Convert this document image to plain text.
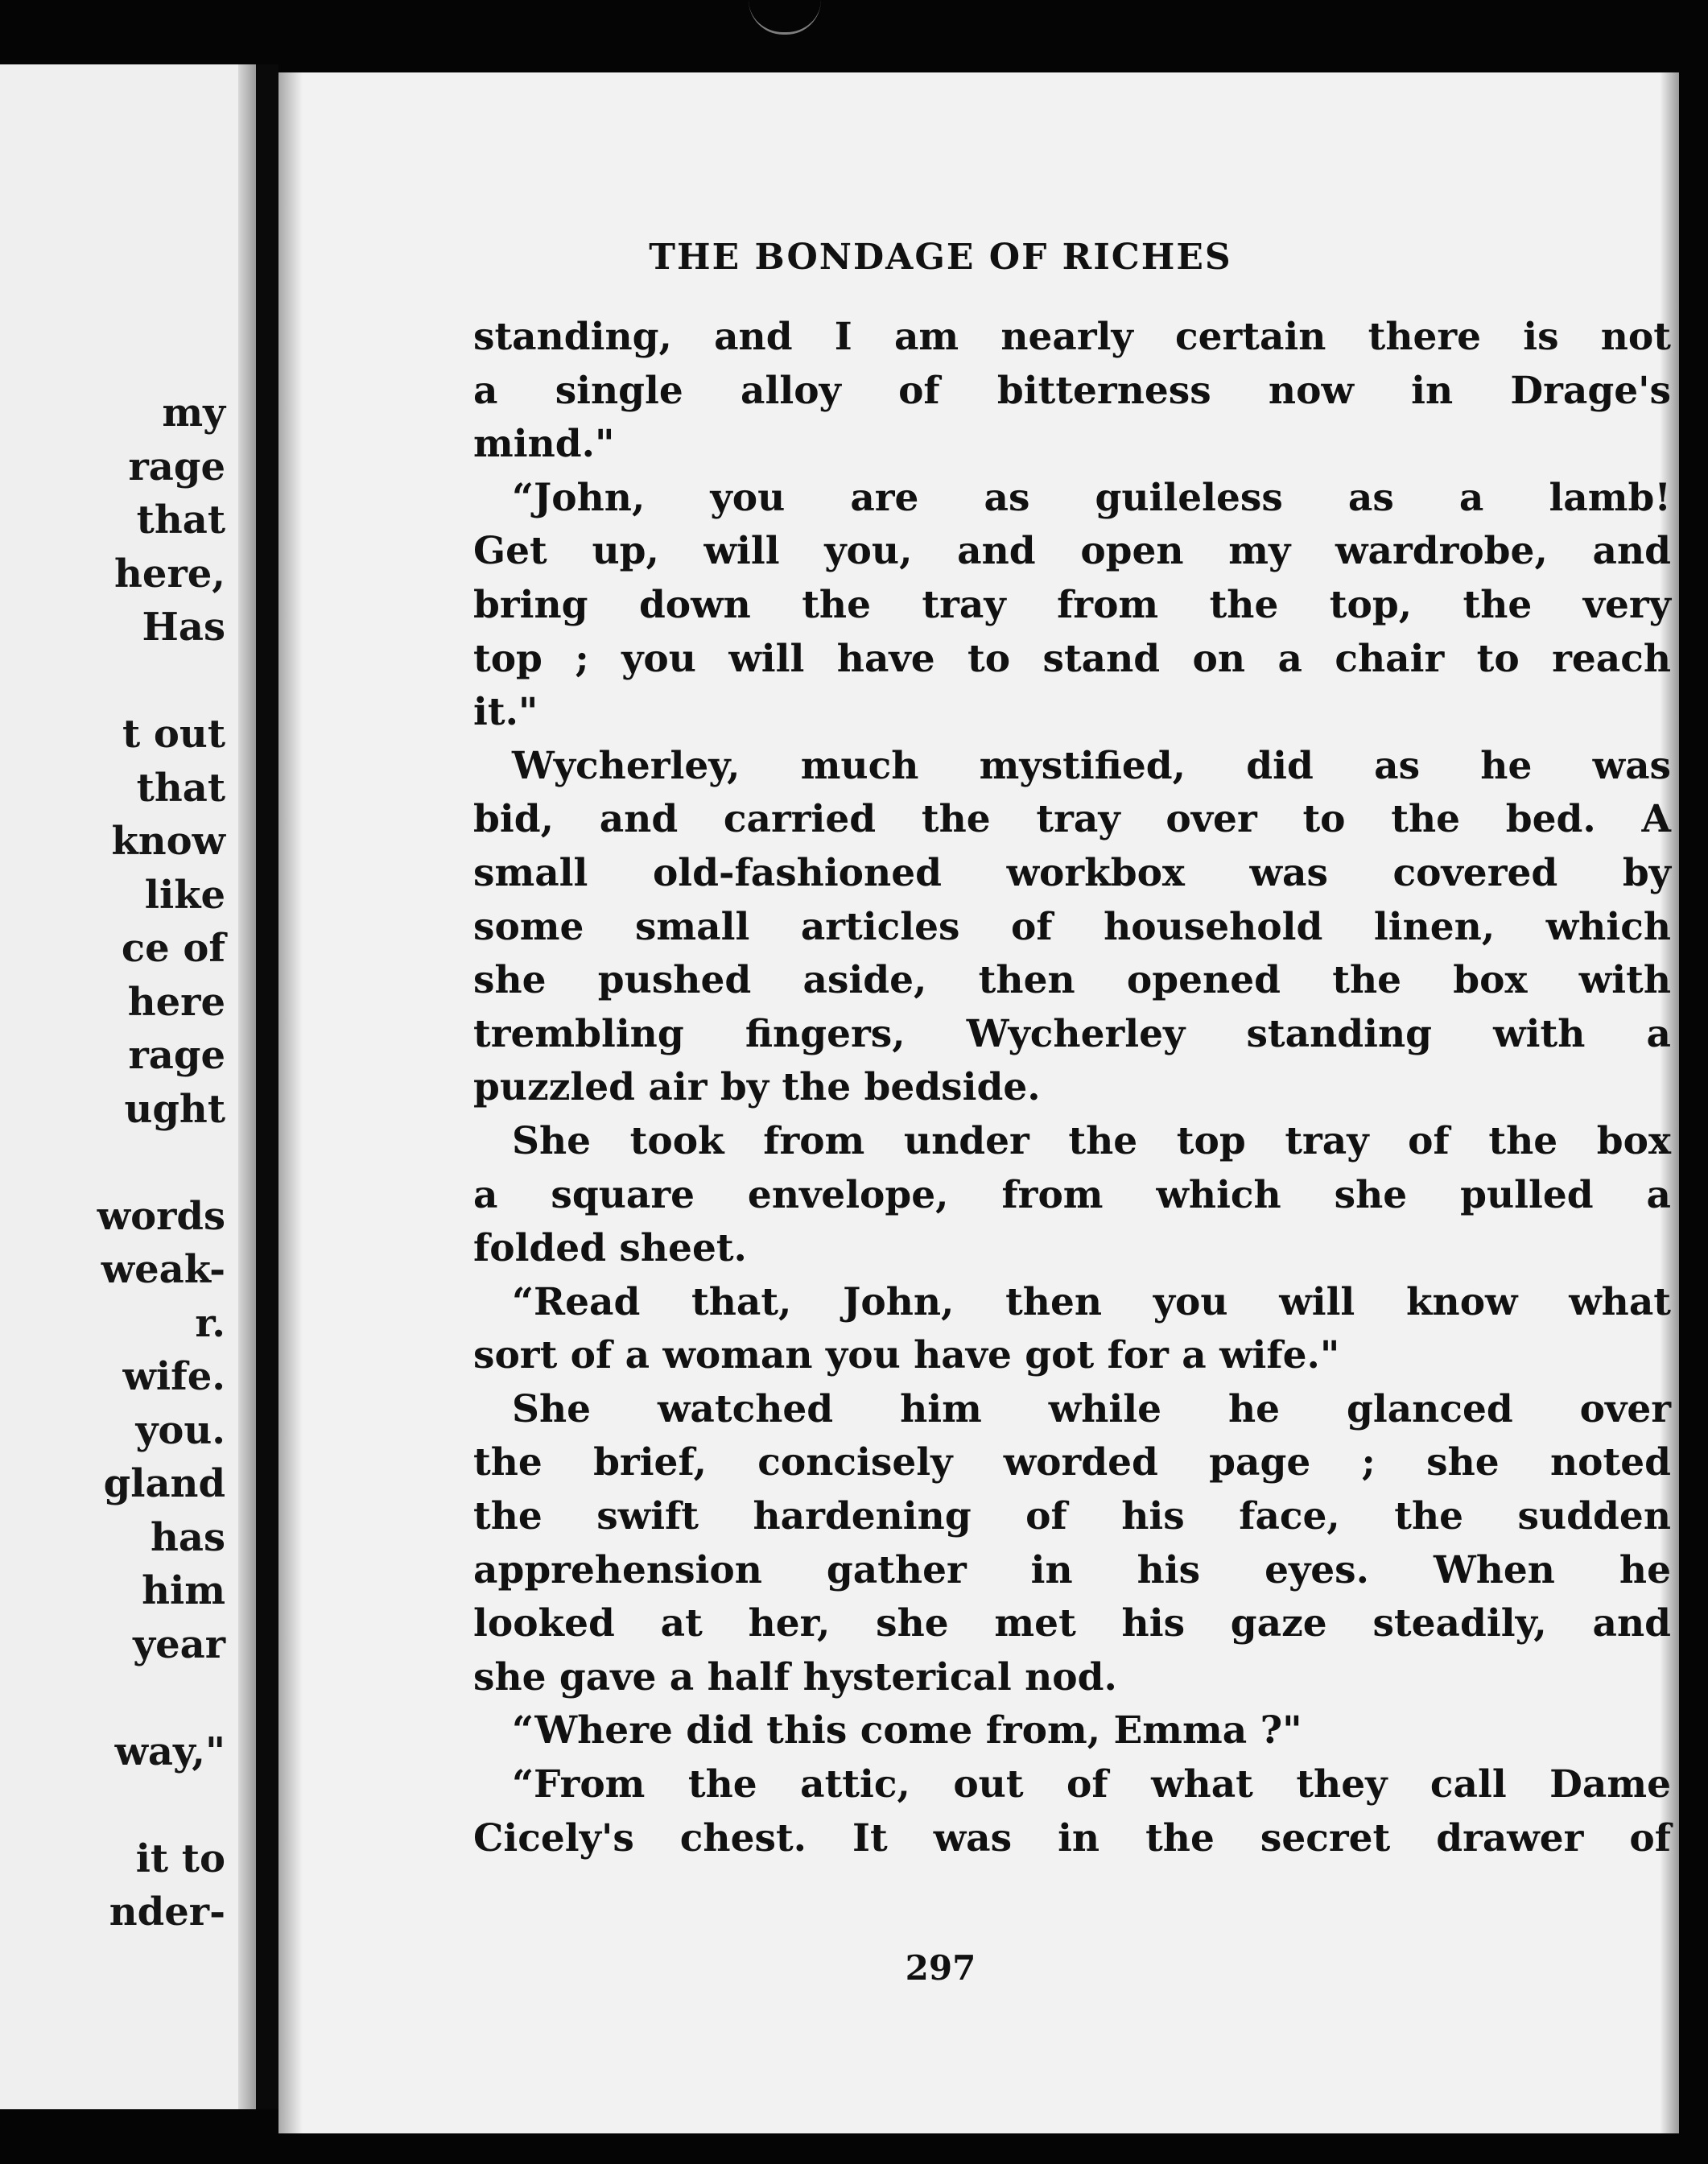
my
rage
that
here,
Has
t out
that
know
like
ce of
here
rage
ught
words
weak-
r.
wife.
you.
gland
has
him
year
way,"
it to
nder-
THE BONDAGE OF RICHES
standing, and I am nearly certain there is not
a single alloy of bitterness now in Drage's
mind."
“John, you are as guileless as a lamb!
Get up, will you, and open my wardrobe, and
bring down the tray from the top, the very
top ; you will have to stand on a chair to reach
it."
Wycherley, much mystified, did as he was
bid, and carried the tray over to the bed. A
small old-fashioned workbox was covered by
some small articles of household linen, which
she pushed aside, then opened the box with
trembling fingers, Wycherley standing with a
puzzled air by the bedside.
She took from under the top tray of the box
a square envelope, from which she pulled a
folded sheet.
“Read that, John, then you will know what
sort of a woman you have got for a wife."
She watched him while he glanced over
the brief, concisely worded page ; she noted
the swift hardening of his face, the sudden
apprehension gather in his eyes. When he
looked at her, she met his gaze steadily, and
she gave a half hysterical nod.
“Where did this come from, Emma ?"
“From the attic, out of what they call Dame
Cicely's chest. It was in the secret drawer of
297
